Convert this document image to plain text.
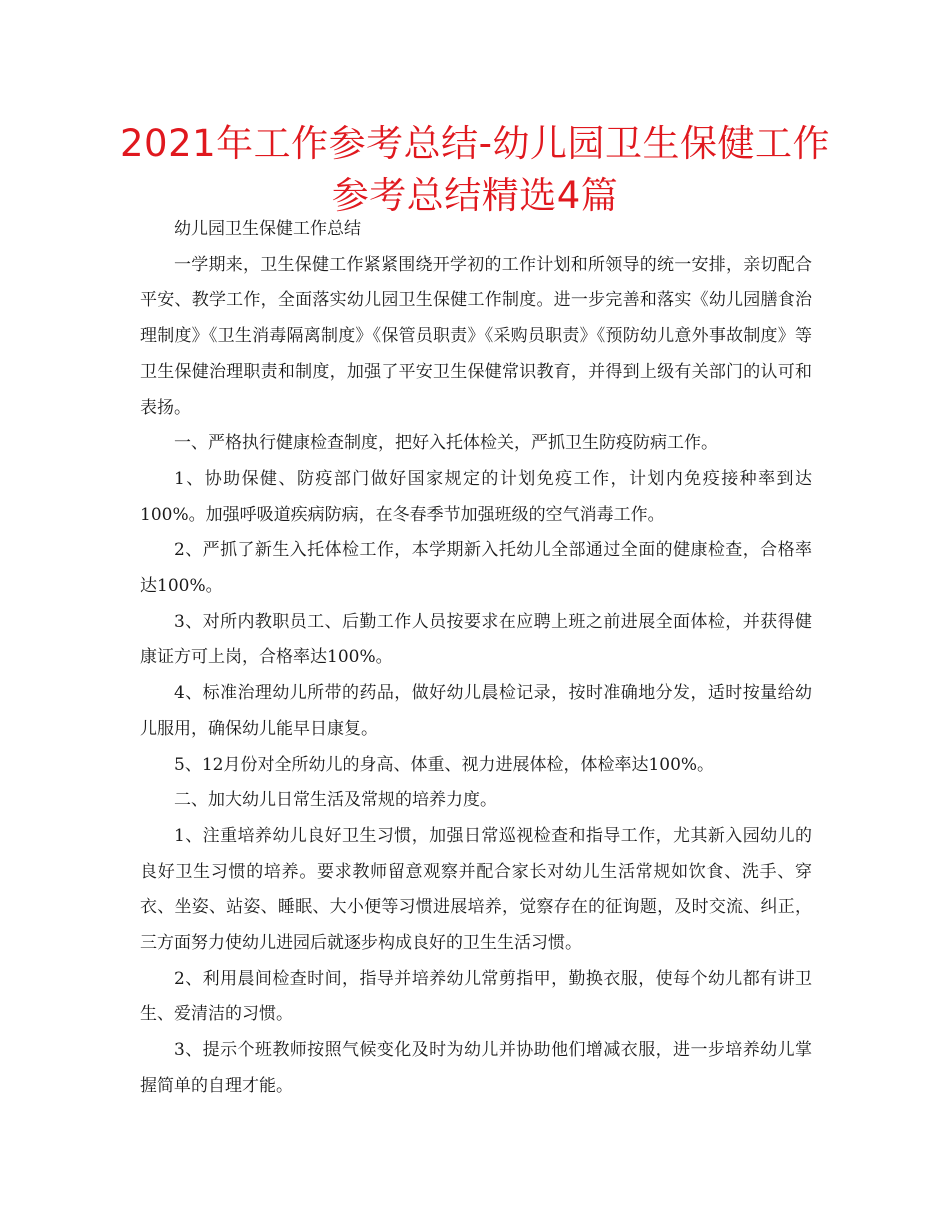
2021年工作参考总结-幼儿园卫生保健工作参考总结精选4篇

幼儿园卫生保健工作总结

一学期来，卫生保健工作紧紧围绕开学初的工作计划和所领导的统一安排，亲切配合平安、教学工作，全面落实幼儿园卫生保健工作制度。进一步完善和落实《幼儿园膳食治理制度》《卫生消毒隔离制度》《保管员职责》《采购员职责》《预防幼儿意外事故制度》等卫生保健治理职责和制度，加强了平安卫生保健常识教育，并得到上级有关部门的认可和表扬。

一、严格执行健康检查制度，把好入托体检关，严抓卫生防疫防病工作。

1、协助保健、防疫部门做好国家规定的计划免疫工作，计划内免疫接种率到达100%。加强呼吸道疾病防病，在冬春季节加强班级的空气消毒工作。

2、严抓了新生入托体检工作，本学期新入托幼儿全部通过全面的健康检查，合格率达100%。

3、对所内教职员工、后勤工作人员按要求在应聘上班之前进展全面体检，并获得健康证方可上岗，合格率达100%。

4、标准治理幼儿所带的药品，做好幼儿晨检记录，按时准确地分发，适时按量给幼儿服用，确保幼儿能早日康复。

5、12月份对全所幼儿的身高、体重、视力进展体检，体检率达100%。

二、加大幼儿日常生活及常规的培养力度。

1、注重培养幼儿良好卫生习惯，加强日常巡视检查和指导工作，尤其新入园幼儿的良好卫生习惯的培养。要求教师留意观察并配合家长对幼儿生活常规如饮食、洗手、穿衣、坐姿、站姿、睡眠、大小便等习惯进展培养，觉察存在的征询题，及时交流、纠正，三方面努力使幼儿进园后就逐步构成良好的卫生生活习惯。

2、利用晨间检查时间，指导并培养幼儿常剪指甲，勤换衣服，使每个幼儿都有讲卫生、爱清洁的习惯。

3、提示个班教师按照气候变化及时为幼儿并协助他们增减衣服，进一步培养幼儿掌握简单的自理才能。
